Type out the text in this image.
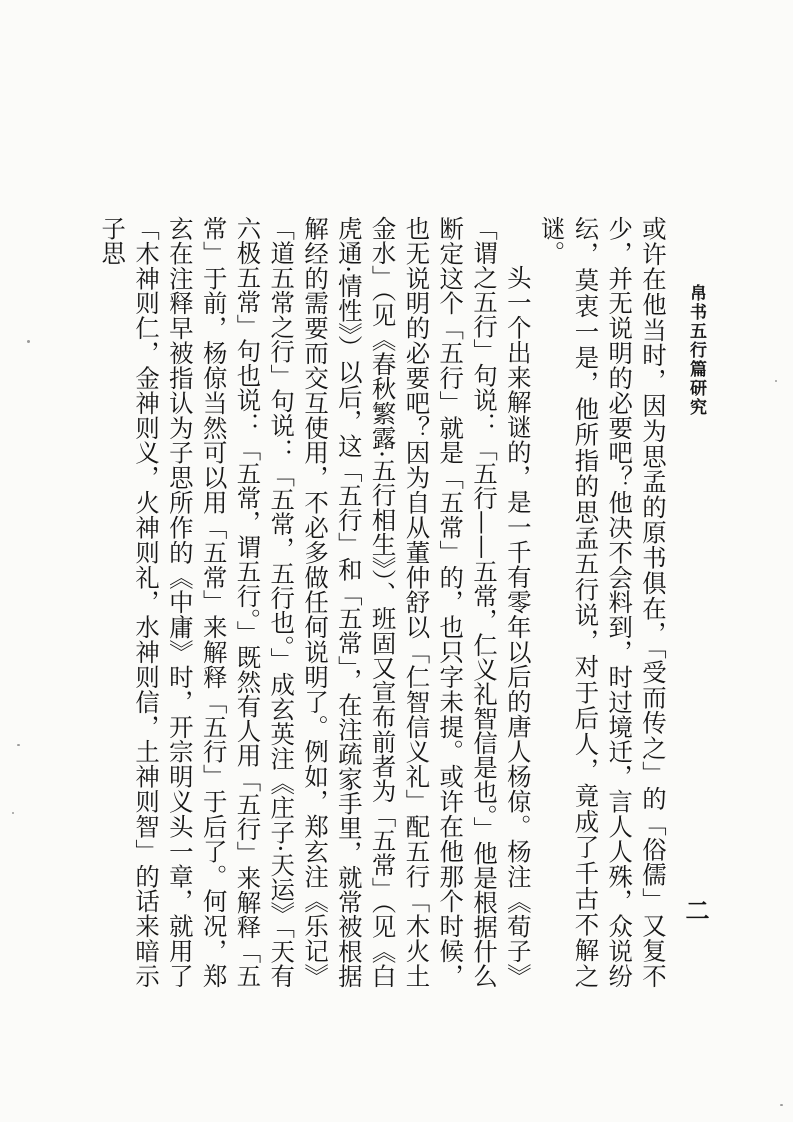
帛书五行篇研究
二

或许在他当时，因为思孟的原书俱在，「受而传之」的「俗儒」又复不少，并无说明的必要吧？他决不会料到，时过境迁，言人人殊，众说纷纭，莫衷一是，他所指的思孟五行说，对于后人，竟成了千古不解之谜。

头一个出来解谜的，是一千有零年以后的唐人杨倞。杨注《荀子》「谓之五行」句说：「五行——五常，仁义礼智信是也。」他是根据什么断定这个「五行」就是「五常」的，也只字未提。或许在他那个时候，也无说明的必要吧？因为自从董仲舒以「仁智信义礼」配五行「木火土金水」（见《春秋繁露·五行相生》）、班固又宣布前者为「五常」（见《白虎通·情性》）以后，这「五行」和「五常」，在注疏家手里，就常被根据解经的需要而交互使用，不必多做任何说明了。例如，郑玄注《乐记》「道五常之行」句说：「五常，五行也。」成玄英注《庄子·天运》「天有六极五常」句也说：「五常，谓五行。」既然有人用「五行」来解释「五常」于前，杨倞当然可以用「五常」来解释「五行」于后了。何况，郑玄在注释早被指认为子思所作的《中庸》时，开宗明义头一章，就用了「木神则仁，金神则义，火神则礼，水神则信，土神则智」的话来暗示子思
